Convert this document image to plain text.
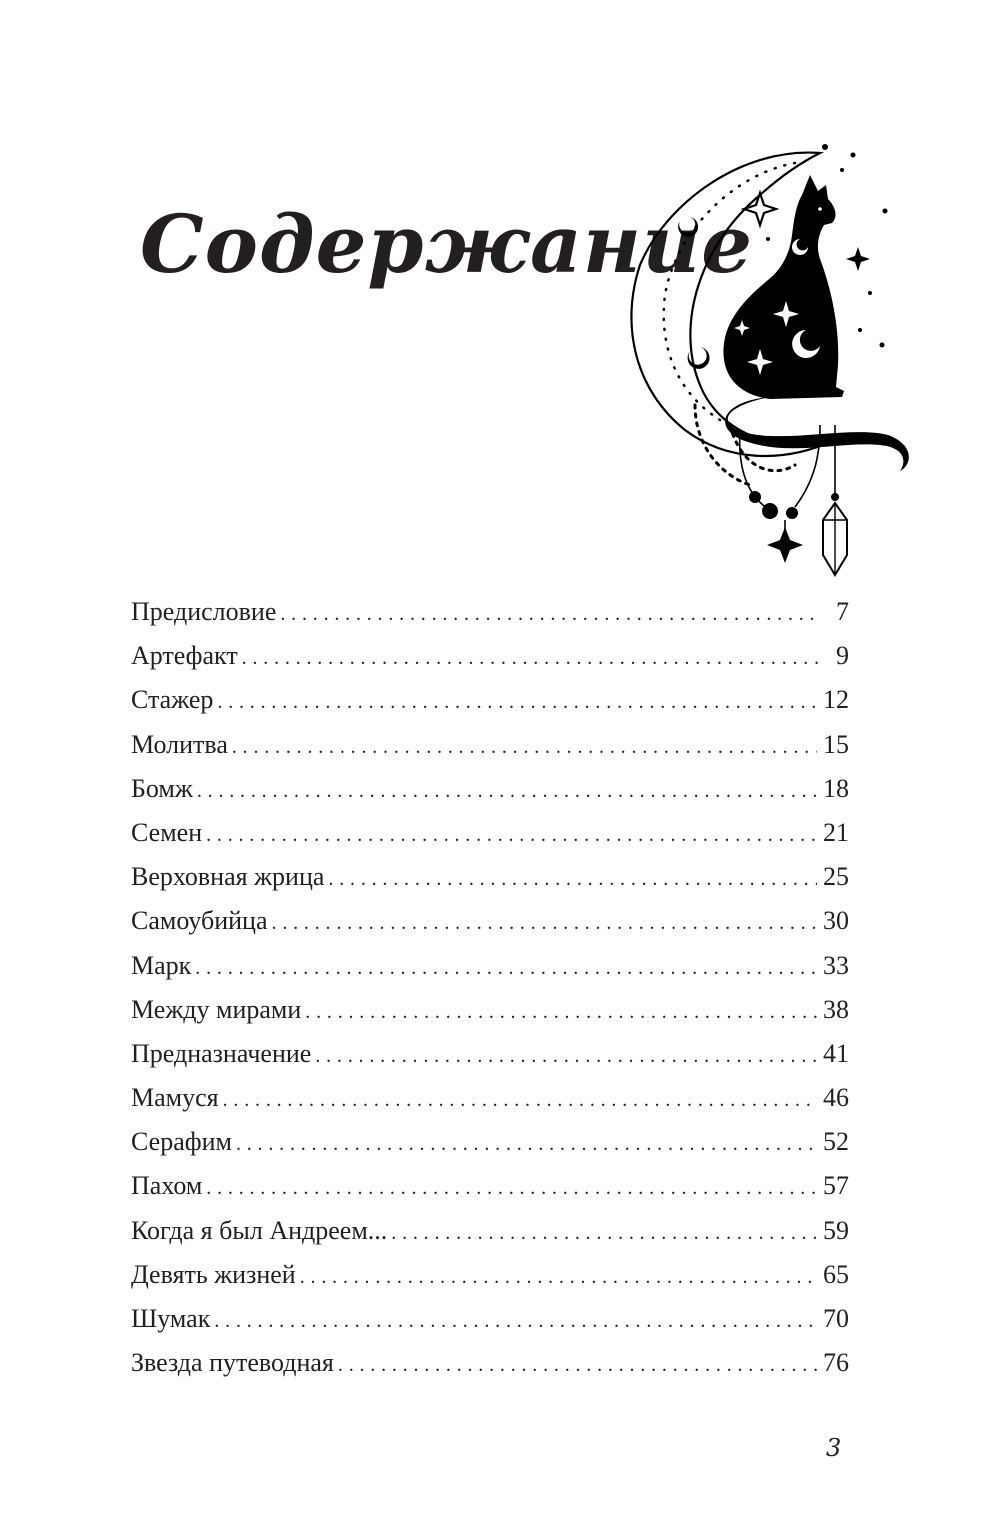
Содержание
Предисловие . . .	7
Артефакт . . .	9
Стажер . . .	12
Молитва . . .	15
Бомж . . .	18
Семен . . .	21
Верховная жрица . . .	25
Самоубийца . . .	30
Марк . . .	33
Между мирами . . .	38
Предназначение . . .	41
Мамуся . . .	46
Серафим . . .	52
Пахом . . .	57
Когда я был Андреем... . . .	59
Девять жизней . . .	65
Шумак . . .	70
Звезда путеводная . . .	76
3
